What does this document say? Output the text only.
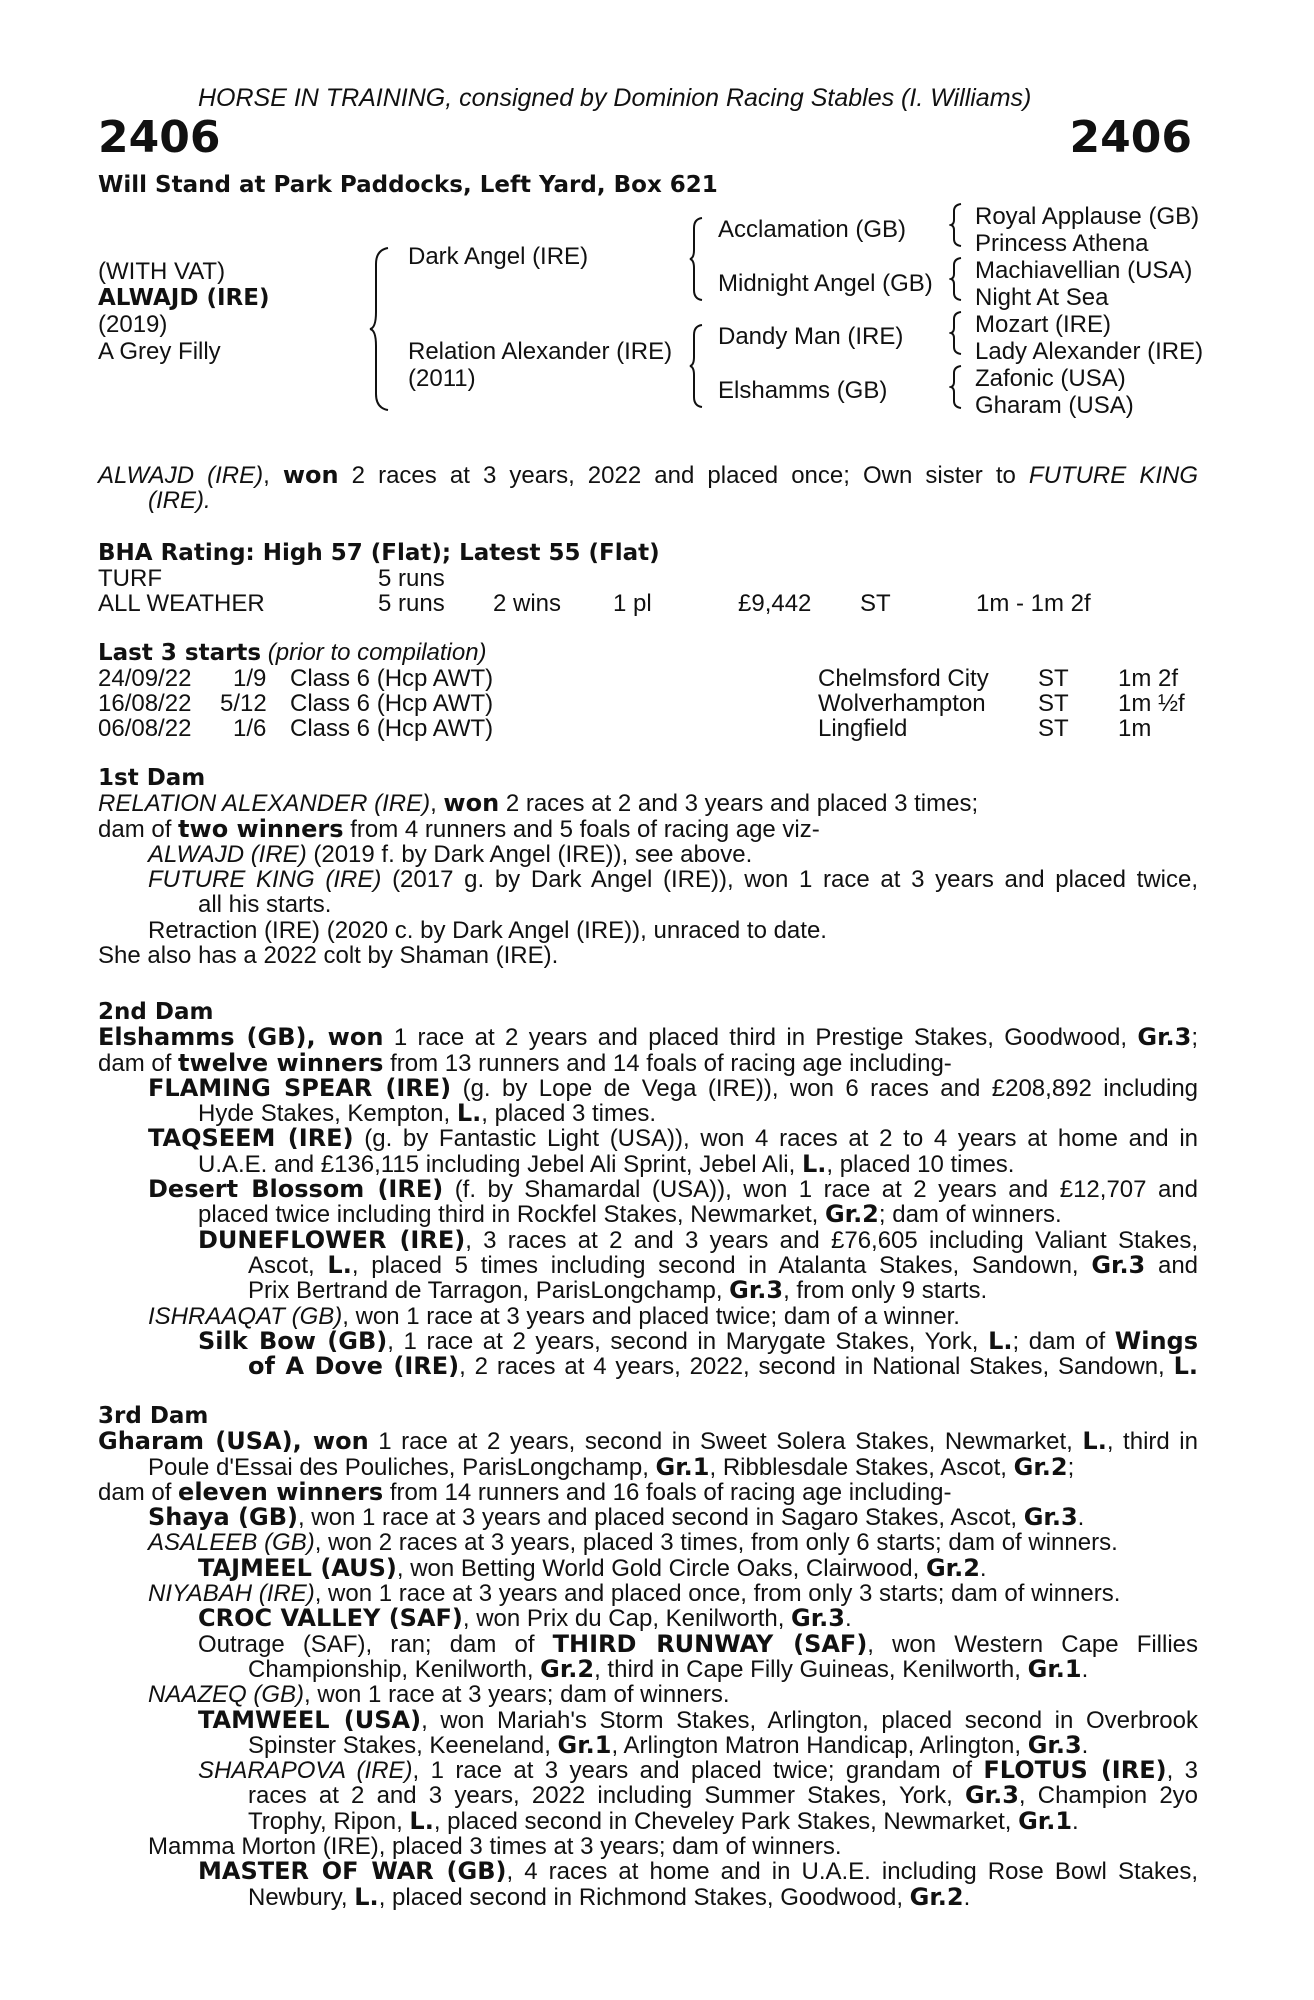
HORSE IN TRAINING, consigned by Dominion Racing Stables (I. Williams)
2406	2406
Will Stand at Park Paddocks, Left Yard, Box 621
(WITH VAT)
ALWAJD (IRE)
(2019)
A Grey Filly
Dark Angel (IRE)
Relation Alexander (IRE)
(2011)
Acclamation (GB)
Midnight Angel (GB)
Dandy Man (IRE)
Elshamms (GB)
Royal Applause (GB)
Princess Athena
Machiavellian (USA)
Night At Sea
Mozart (IRE)
Lady Alexander (IRE)
Zafonic (USA)
Gharam (USA)
ALWAJD (IRE), won 2 races at 3 years, 2022 and placed once; Own sister to FUTURE KING
(IRE).
BHA Rating: High 57 (Flat); Latest 55 (Flat)
TURF	5 runs
ALL WEATHER	5 runs 2 wins 1 pl	£9,442 ST	1m - 1m 2f
Last 3 starts (prior to compilation)
24/09/22 1/9 Class 6 (Hcp AWT)	Chelmsford City ST 1m 2f
16/08/22 5/12 Class 6 (Hcp AWT)	Wolverhampton ST 1m ½f
06/08/22 1/6 Class 6 (Hcp AWT)	Lingfield	ST 1m
1st Dam
RELATION ALEXANDER (IRE), won 2 races at 2 and 3 years and placed 3 times;
dam of two winners from 4 runners and 5 foals of racing age viz-
ALWAJD (IRE) (2019 f. by Dark Angel (IRE)), see above.
FUTURE KING (IRE) (2017 g. by Dark Angel (IRE)), won 1 race at 3 years and placed twice,
all his starts.
Retraction (IRE) (2020 c. by Dark Angel (IRE)), unraced to date.
She also has a 2022 colt by Shaman (IRE).
2nd Dam
Elshamms (GB), won 1 race at 2 years and placed third in Prestige Stakes, Goodwood, Gr.3;
dam of twelve winners from 13 runners and 14 foals of racing age including-
FLAMING SPEAR (IRE) (g. by Lope de Vega (IRE)), won 6 races and £208,892 including
Hyde Stakes, Kempton, L., placed 3 times.
TAQSEEM (IRE) (g. by Fantastic Light (USA)), won 4 races at 2 to 4 years at home and in
U.A.E. and £136,115 including Jebel Ali Sprint, Jebel Ali, L., placed 10 times.
Desert Blossom (IRE) (f. by Shamardal (USA)), won 1 race at 2 years and £12,707 and
placed twice including third in Rockfel Stakes, Newmarket, Gr.2; dam of winners.
DUNEFLOWER (IRE), 3 races at 2 and 3 years and £76,605 including Valiant Stakes,
Ascot, L., placed 5 times including second in Atalanta Stakes, Sandown, Gr.3 and
Prix Bertrand de Tarragon, ParisLongchamp, Gr.3, from only 9 starts.
ISHRAAQAT (GB), won 1 race at 3 years and placed twice; dam of a winner.
Silk Bow (GB), 1 race at 2 years, second in Marygate Stakes, York, L.; dam of Wings
of A Dove (IRE), 2 races at 4 years, 2022, second in National Stakes, Sandown, L.
3rd Dam
Gharam (USA), won 1 race at 2 years, second in Sweet Solera Stakes, Newmarket, L., third in
Poule d'Essai des Pouliches, ParisLongchamp, Gr.1, Ribblesdale Stakes, Ascot, Gr.2;
dam of eleven winners from 14 runners and 16 foals of racing age including-
Shaya (GB), won 1 race at 3 years and placed second in Sagaro Stakes, Ascot, Gr.3.
ASALEEB (GB), won 2 races at 3 years, placed 3 times, from only 6 starts; dam of winners.
TAJMEEL (AUS), won Betting World Gold Circle Oaks, Clairwood, Gr.2.
NIYABAH (IRE), won 1 race at 3 years and placed once, from only 3 starts; dam of winners.
CROC VALLEY (SAF), won Prix du Cap, Kenilworth, Gr.3.
Outrage (SAF), ran; dam of THIRD RUNWAY (SAF), won Western Cape Fillies
Championship, Kenilworth, Gr.2, third in Cape Filly Guineas, Kenilworth, Gr.1.
NAAZEQ (GB), won 1 race at 3 years; dam of winners.
TAMWEEL (USA), won Mariah's Storm Stakes, Arlington, placed second in Overbrook
Spinster Stakes, Keeneland, Gr.1, Arlington Matron Handicap, Arlington, Gr.3.
SHARAPOVA (IRE), 1 race at 3 years and placed twice; grandam of FLOTUS (IRE), 3
races at 2 and 3 years, 2022 including Summer Stakes, York, Gr.3, Champion 2yo
Trophy, Ripon, L., placed second in Cheveley Park Stakes, Newmarket, Gr.1.
Mamma Morton (IRE), placed 3 times at 3 years; dam of winners.
MASTER OF WAR (GB), 4 races at home and in U.A.E. including Rose Bowl Stakes,
Newbury, L., placed second in Richmond Stakes, Goodwood, Gr.2.
